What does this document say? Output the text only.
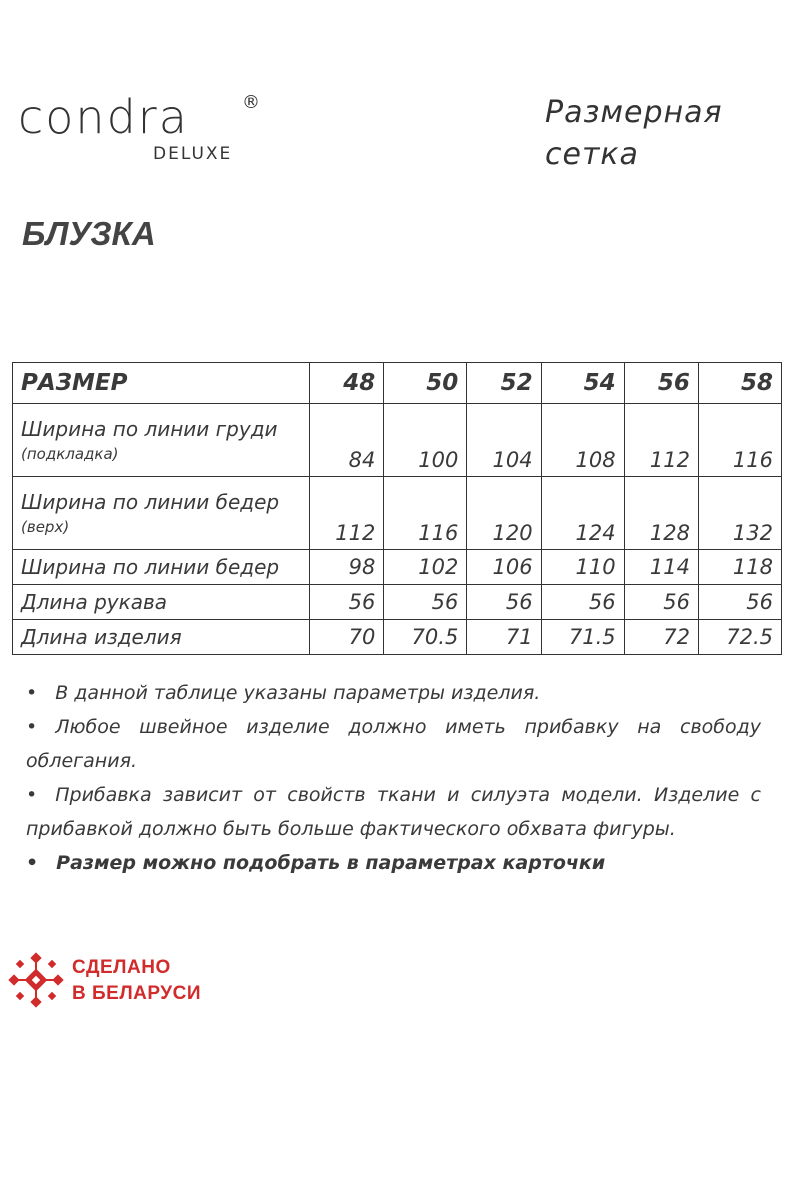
condra	®
DELUXE
Размерная
сетка
БЛУЗКА
РАЗМЕР	48	50	52	54	56	58

Ширина по линии груди
(подкладка)	84	100	104	108	112	116

Ширина по линии бедер
(верх)	112	116	120	124	128	132
Ширина по линии бедер	98	102	106	110	114	118
Длина рукава	56	56	56	56	56	56
Длина изделия	70	70.5	71	71.5	72	72.5

• В данной таблице указаны параметры изделия.

• Любое швейное изделие должно иметь прибавку на свободу облегания.

• Прибавка зависит от свойств ткани и силуэта модели. Изделие с прибавкой должно быть больше фактического обхвата фигуры.

• Размер можно подобрать в параметрах карточки

СДЕЛАНО
В БЕЛАРУСИ
